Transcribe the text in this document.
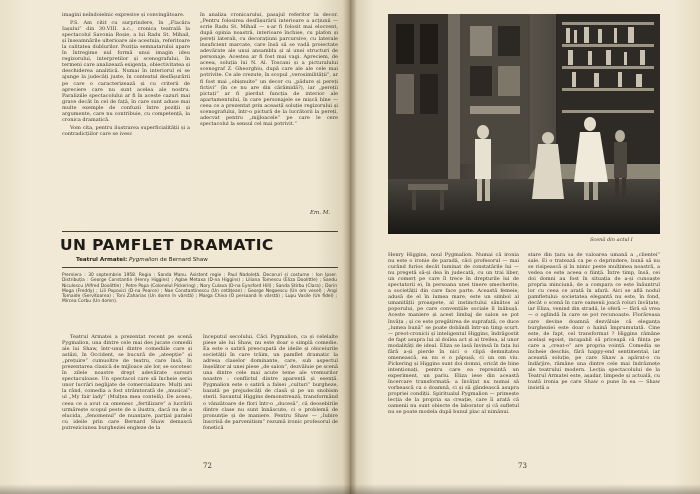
imagini neîndoielnic expresive și convingătoare.

P.S. Am citit cu surprindere, în „Flacăra Iașului” din 30.VIII. a.c., cronica teatrală la spectacolul Savonia Roșie, a lui Radu St. Mihail, și înseamnările ulterioare ale acestuia, referitoare la calitatea dublurilor. Poziția semnatarului apare în întregime nul formă unui imagin ideu regizorului, interpretilor și scenografului, în termeni care analizează exigența, obiectivitatea și deschiderea analitică. Numai în interiorul ei se ajunge la judecăți juste, în contextul desfășurării pe care o caracterizează și cu criterii de apreciere care nu sunt acelea ale nostru. Paraliziile spectacolului ar fi în aceste cazuri mai grave decât în cel de față, în care sunt aduse mai multe exemple de confuzii între poziții și argumente, care nu contribuie, cu competență, la cronica dramatică.

Vom cita, pentru ilustrarea superficialității și a contradicțiilor care se ivesc

în analiza cronicarului, pasajul referitor la decor. „Pentru folosirea desfășurării interioare a acțiunii — scrie Radu St. Mihail — s-ar fi folosit mai elocvent, după opinia noastră, interioare închise, cu plafon și pereți laterali, cu decorațiuni parcursive, cu laterale insuficient marcate, care însă să se vadă proiectate adevărate ale unui ansamblu și al unei structuri de personaje. Acestea ar fi fost mai vagi. Apreciem, de aceea, soluția lui N. Al. Toscani și a picturalului scenograf Z. Gheorghiu, după care ale ale cele mai potrivite. Ce ale crezute, în scopul „verosimilității”, ar fi fost mai „obișnuite” un decor cu „pădure și pereți fictivi” (în ce nu are din cărămidă?), iar „pereții pictați” ar fi pierdut funcția de interior ale apartamentului, în care personajele se mișcă bine — ceea ce a prezentat prin această soluție regizorului și scenografului, într-o pictură de la lucrătorii la pereți, adecvat pentru „mijloacele” pe care le cere spectacolul la sensul cel mai potrivit.”

Em. M.
UN PAMFLET DRAMATIC
Teatrul Armatei: Pygmalion de Bernard Shaw
Premiera : 30 septembrie 1958. Regia : Sanda Manu. Asistent regie : Paul Nadoleță. Decoruri și costume : Ion Ipser. Distribuția : George Constantin (Henry Higgins) ; Aglae Metaxa (D-na Higgins) ; Liliana Tomescu (Eliza Doolittle) ; Sandu Niculescu (Alfred Doolittle) ; Petre Popa (Colonelul Pickering) ; Nory Culava (D-na Eynsford Hill) ; Sanda Știrbu (Clara) ; Dorin Moga (Freddy) ; Lili Popovici (D-na Pearce) ; Nae Constantinescu (Un cetățean) ; George Negoescu (Un om vesel) ; Angi Tomaide (Servitoarea) ; Toni Zaharias (Un domn în vârstă) ; Marga Chiva (O persoană în vârstă) ; Lupu Vasile (Un fidel) ; Mircea Corbu (Un domn).

Teatrul Armatei a prezentat recent pe scenă Pygmalion, una dintre cele mai des jucate comedii ale lui Shaw, într-unul dintre comediile care și astăzi, în Occident, se bucură de „ateepție” și „prețuire” cumuoltre de teatru, care însă, în prezentarea clasică de mijloace ale lor, se socotesc în zilele noastre drept adevărate sursuri spectaculoase. Un spectacol care să încheie seria unor lucrări neglijate de comercializare. Mulți ani la rând, comedia a fost strâmtorată de „musical”-ul „My fair lady” (Mulțea mea contelă). De aceea, ceea ce a avut ca omenesc „fertilizare” a lucrării urmărește scopul peste de a ilustra, dacă nu de a elucida, „fenomenul” de nuanțare, parțial paralel cu ideile prin care Bernard Shaw demască putreziciunea burgheziei engleze de la

începutul secolului. Căci Pygmalion, ca și celelalte piese ale lui Shaw, nu este doar o simplă comedie. Ea este o satiră preocupată de ideile și obiceiurile societății în care trăim, un pamflet dramatic la adresa claselor dominante, care, sub aspectul înșelător al unei piese „de salon”, dezvăluie pe scenă una dintre cele mai acute teme ale vremurilor noastre : conflictul dintre aparență și esență. Pygmalion este o satiră a falsei „culturi” burgheze, bazată pe prejudecăți de clasă și pe un snobism steril. Savantul Higgins demonstrează, transformând o vânzătoare de flori într-o „ducesă”, că deosebirile dintre clase nu sunt înnăscute, ci o problemă de pronunție și de maniere. Pentru Shaw — „Iubire înscrisă de parvenitism” rezumă ironic profesorul de fonetică

72
Scenă din actul I

Henry Higgins, noul Pygmalion. Numai că ironia nu este o ironie de paradă, căci profesorul — mai curând furios decât luminat de constatările lui — nu pregetă să-și dea în judecată, cu un trai liber, un comerț pe care îl trece în drepturile lui de spectatorii ei, în persoana unei tinere șmecherite, a societății din care face parte. Această femeie, adusă de el în lumea mare, este un simbol al umanității proaspete, al instinctului sănătos al poporului, pe care convențiile sociale îl înăbușă. Aceste maniere și acest limbaj de salon se pot învăța ; și ce este pregătirea de suprafață, ce duce „lumea bună” se poate dobândi într-un timp scurt. — preot-cronicii și inteligentul Higgins, îndrăgostit de fapt asupra lui al doilea act și al treilea, al unor modalități de ideal. Eliza se lasă învinsă în fața lui fără a-și pierde în nici o clipă demnitatea omenească, ea nu e o păpușă, ci un om viu. Pickering și Higgins sunt doi domni, oricât de bine intenționați, pentru care ea reprezintă un experiment, un pariu. Eliza iese din această încercare transformată: a învățat nu numai să vorbească ca o doamnă, ci și să gândească asupra propriei condiții. Spiritualul Pygmalion — primește lecția de la propria sa creație, care îi arată că oamenii nu sunt obiecte de laborator și că sufletul nu se poate modela după bunul plac al nimănui.

stare din țara sa de valoarea umană a „clientei” sale. Ei o tratează ca pe o deprindere, bună să nu se risipească și în nimic peste mulțimea noastră, a vedea ce este aceea o ființă. Între timp, însă, cei doi domni au fost în situația de a-și cunoaște propria minciună, de a compara ce este înăuntrul lor cu ceea ce arată în afară. Aici se află nodul pamfletului: societatea elegantă nu este, în fond, decât o scenă în care oamenii joacă roluri învățate, iar Eliza, venind din stradă, le oferă — fără să vrea — o oglindă în care se pot recunoaște. Florăreasa care devine doamnă dezvăluie că eleganța burgheziei este doar o haină împrumutată. Cine este, de fapt, cel transformat ? Higgins rămâne același egoist, incapabil să priceapă că ființa pe care a „creat-o” are propria voință. Comedia se încheie deschis, fără happy-end sentimental, iar această soluție, pe care Shaw a apărat-o cu îndârjire, rămâne una dintre cele mai îndrăznețe ale teatrului modern. Lecția spectacolului de la Teatrul Armatei este, așadar, limpede și actuală, cu toată ironia pe care Shaw o pune în ea — Shaw insistă a

73
